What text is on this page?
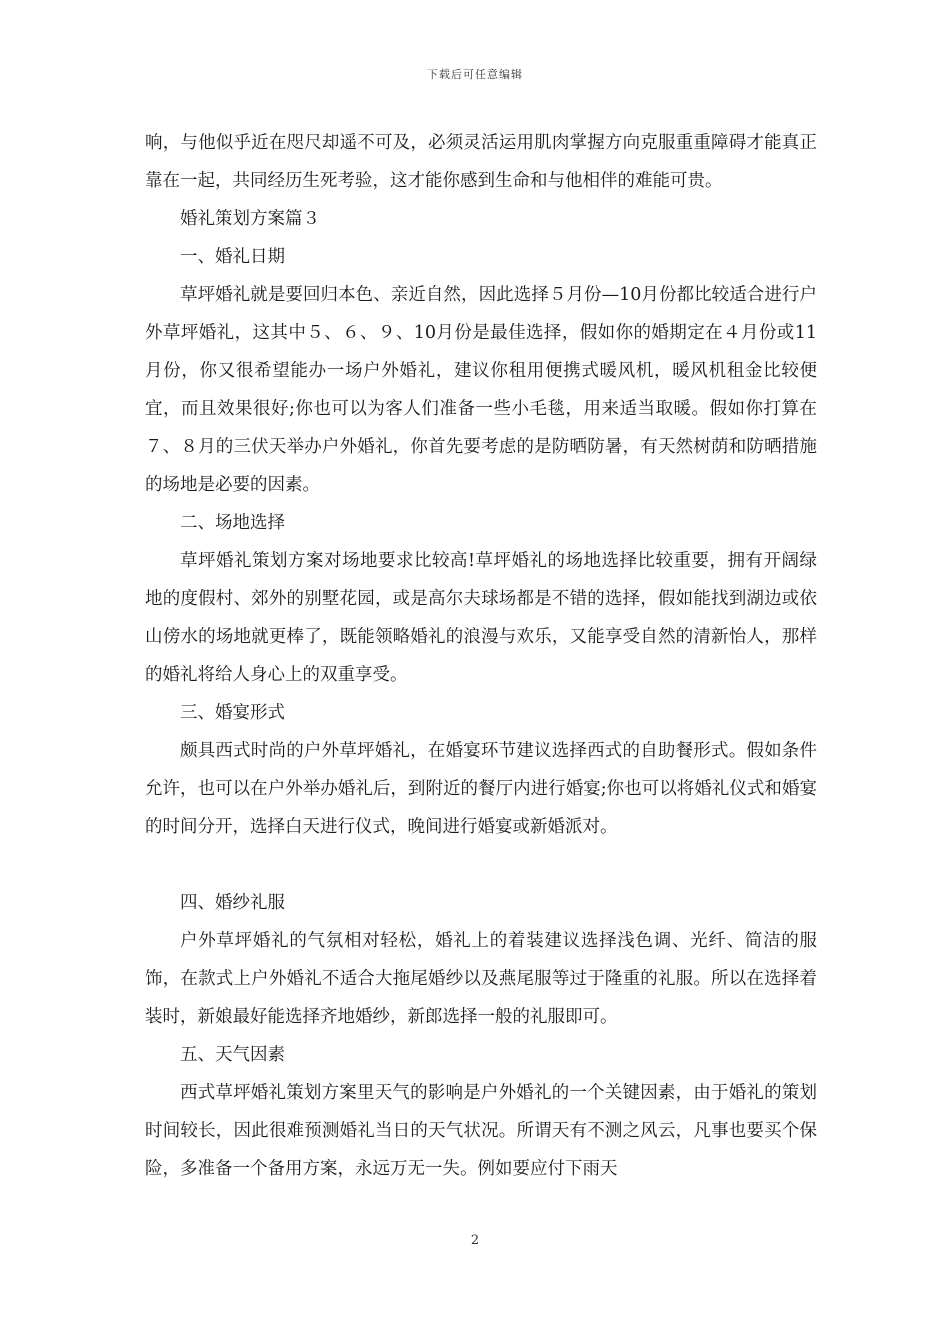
下载后可任意编辑

响，与他似乎近在咫尺却遥不可及，必须灵活运用肌肉掌握方向克服重重障碍才能真正靠在一起，共同经历生死考验，这才能你感到生命和与他相伴的难能可贵。

婚礼策划方案篇３

一、婚礼日期

草坪婚礼就是要回归本色、亲近自然，因此选择５月份—10月份都比较适合进行户外草坪婚礼，这其中５、６、９、10月份是最佳选择，假如你的婚期定在４月份或11月份，你又很希望能办一场户外婚礼，建议你租用便携式暖风机，暖风机租金比较便宜，而且效果很好;你也可以为客人们准备一些小毛毯，用来适当取暖。假如你打算在７、８月的三伏天举办户外婚礼，你首先要考虑的是防晒防暑，有天然树荫和防晒措施的场地是必要的因素。

二、场地选择

草坪婚礼策划方案对场地要求比较高!草坪婚礼的场地选择比较重要，拥有开阔绿地的度假村、郊外的别墅花园，或是高尔夫球场都是不错的选择，假如能找到湖边或依山傍水的场地就更棒了，既能领略婚礼的浪漫与欢乐，又能享受自然的清新怡人，那样的婚礼将给人身心上的双重享受。

三、婚宴形式

颇具西式时尚的户外草坪婚礼，在婚宴环节建议选择西式的自助餐形式。假如条件允许，也可以在户外举办婚礼后，到附近的餐厅内进行婚宴;你也可以将婚礼仪式和婚宴的时间分开，选择白天进行仪式，晚间进行婚宴或新婚派对。

四、婚纱礼服

户外草坪婚礼的气氛相对轻松，婚礼上的着装建议选择浅色调、光纤、简洁的服饰，在款式上户外婚礼不适合大拖尾婚纱以及燕尾服等过于隆重的礼服。所以在选择着装时，新娘最好能选择齐地婚纱，新郎选择一般的礼服即可。

五、天气因素

西式草坪婚礼策划方案里天气的影响是户外婚礼的一个关键因素，由于婚礼的策划时间较长，因此很难预测婚礼当日的天气状况。所谓天有不测之风云，凡事也要买个保险，多准备一个备用方案，永远万无一失。例如要应付下雨天

2
